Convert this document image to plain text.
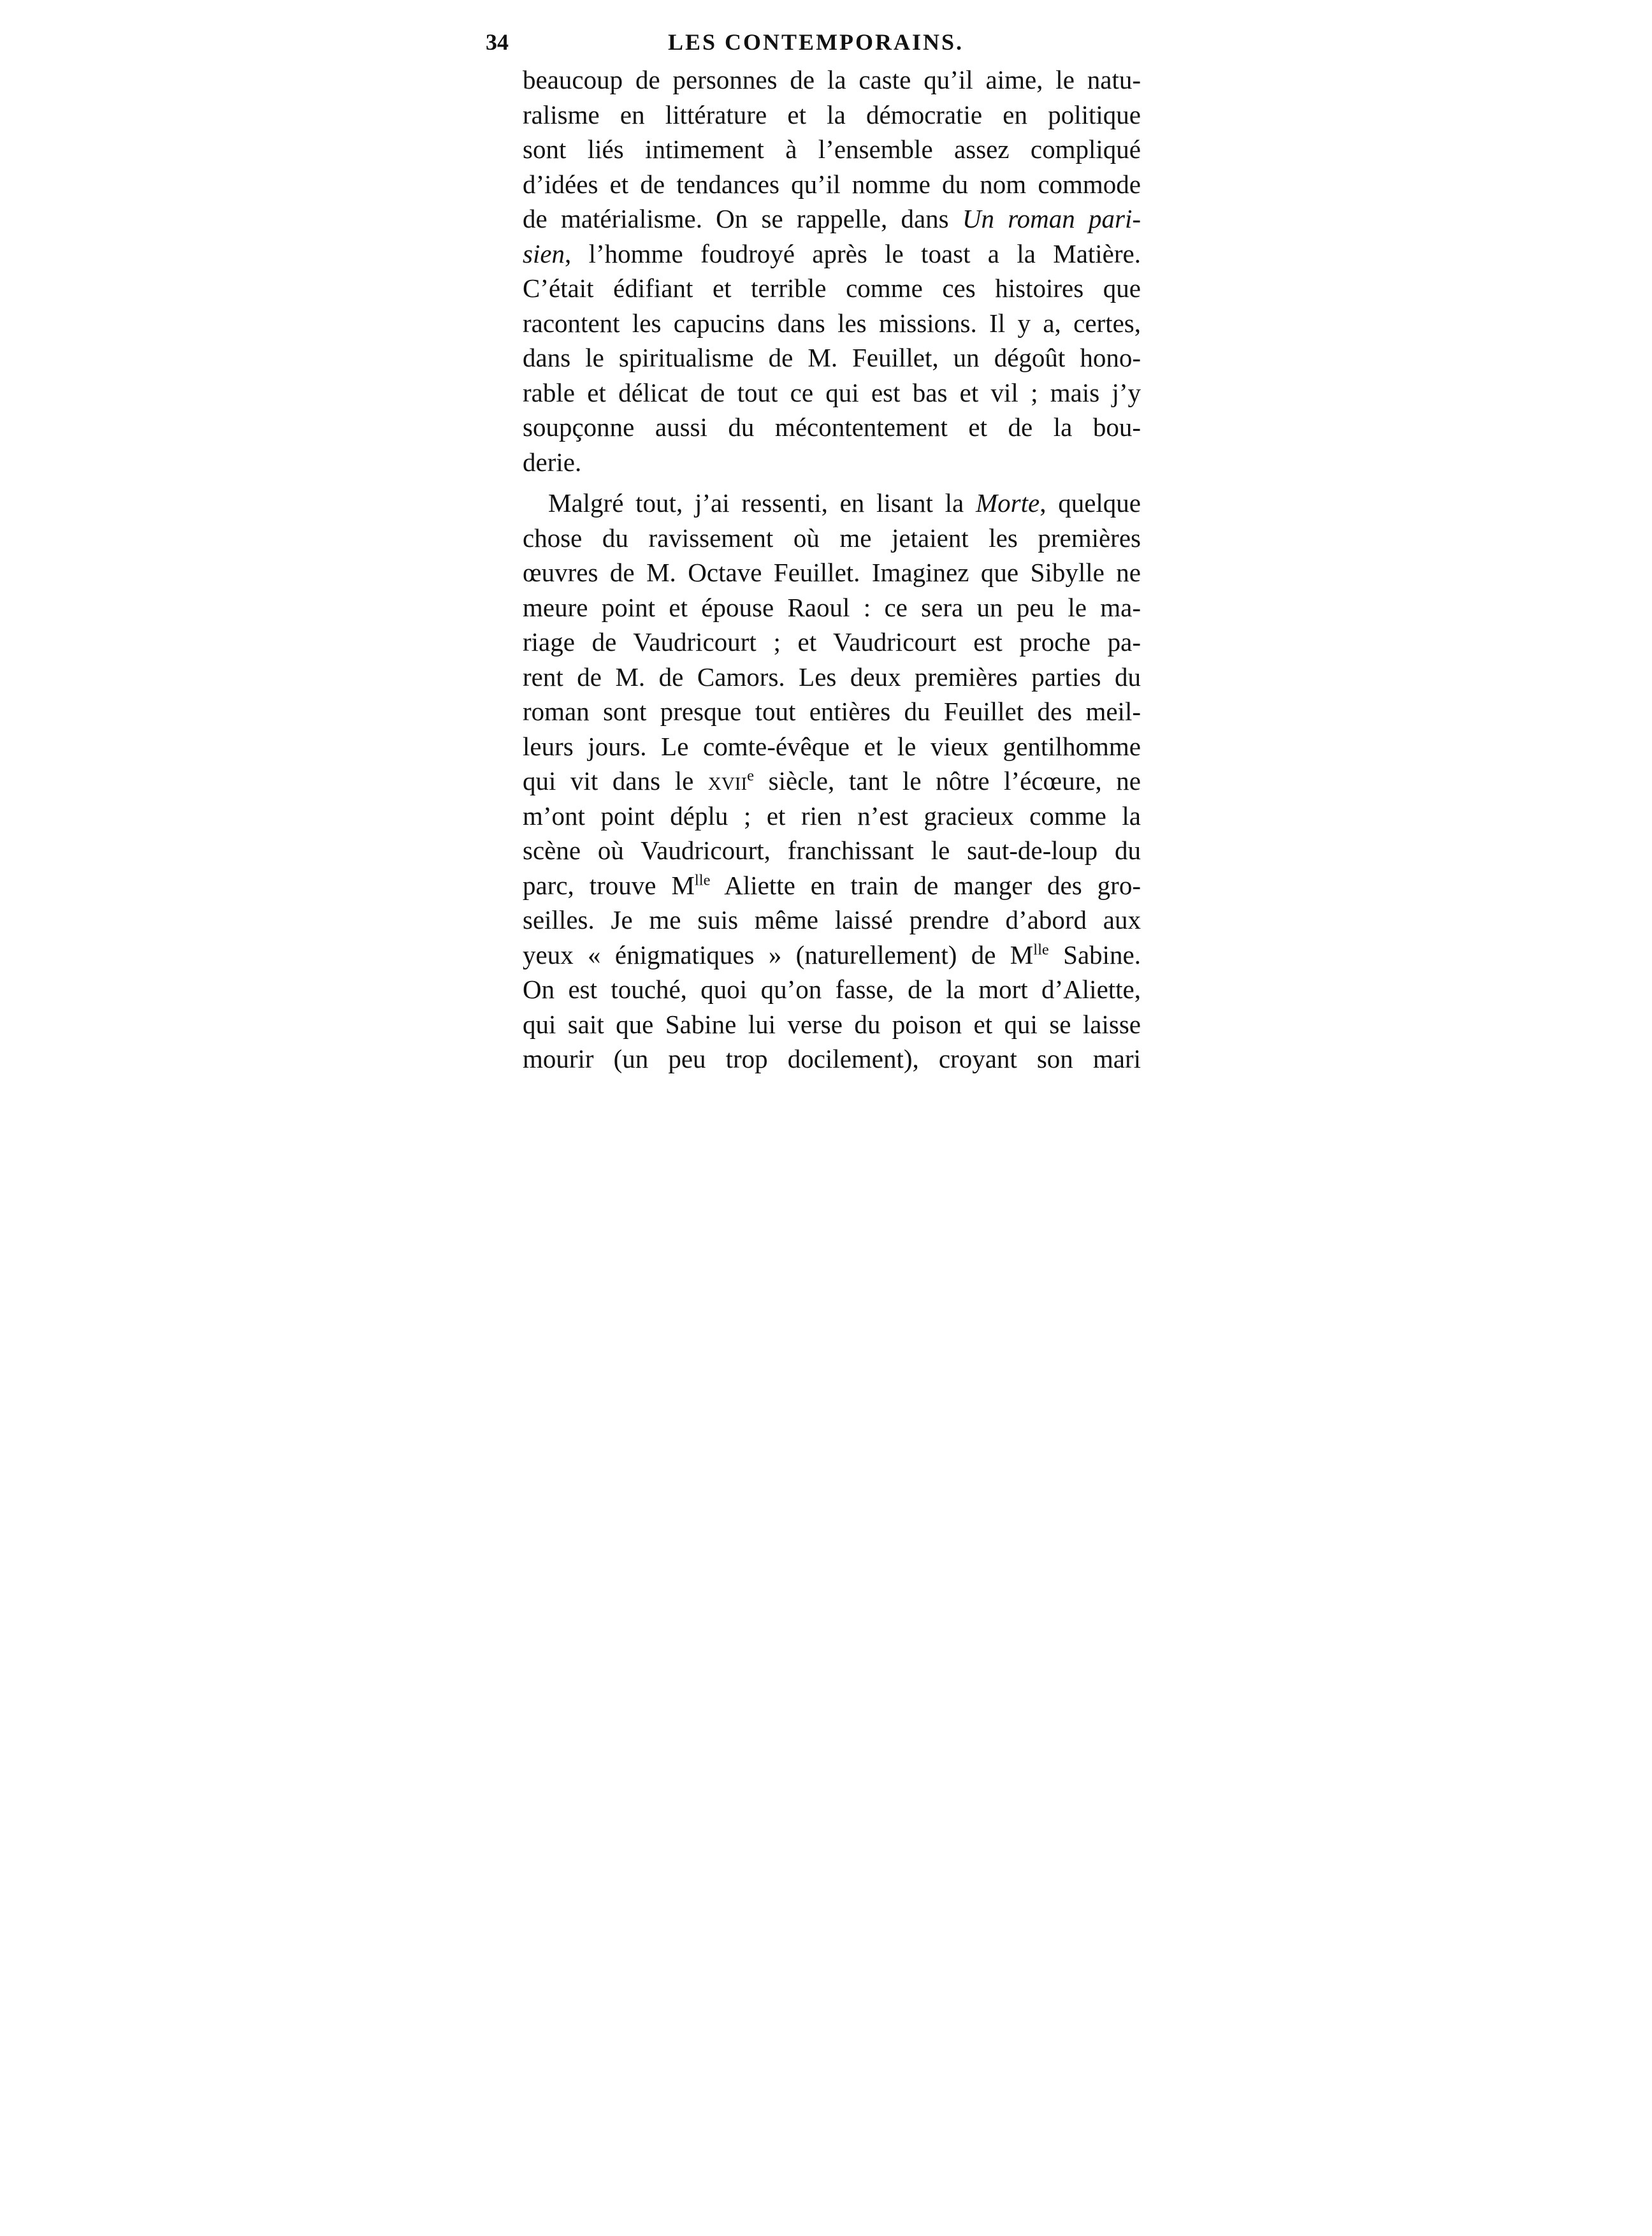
34	LES CONTEMPORAINS.
beaucoup de personnes de la caste qu’il aime, le natu-
ralisme en littérature et la démocratie en politique
sont liés intimement à l’ensemble assez compliqué
d’idées et de tendances qu’il nomme du nom commode
de matérialisme. On se rappelle, dans Un roman pari-
sien, l’homme foudroyé après le toast a la Matière.
C’était édifiant et terrible comme ces histoires que
racontent les capucins dans les missions. Il y a, certes,
dans le spiritualisme de M. Feuillet, un dégoût hono-
rable et délicat de tout ce qui est bas et vil ; mais j’y
soupçonne aussi du mécontentement et de la bou-
derie.
Malgré tout, j’ai ressenti, en lisant la Morte, quelque
chose du ravissement où me jetaient les premières
œuvres de M. Octave Feuillet. Imaginez que Sibylle ne
meure point et épouse Raoul : ce sera un peu le ma-
riage de Vaudricourt ; et Vaudricourt est proche pa-
rent de M. de Camors. Les deux premières parties du
roman sont presque tout entières du Feuillet des meil-
leurs jours. Le comte-évêque et le vieux gentilhomme
qui vit dans le xvii$^e$ siècle, tant le nôtre l’écœure, ne
m’ont point déplu ; et rien n’est gracieux comme la
scène où Vaudricourt, franchissant le saut-de-loup du
parc, trouve $M^{lle}$ Aliette en train de manger des gro-
seilles. Je me suis même laissé prendre d’abord aux
yeux « énigmatiques » (naturellement) de $M^{lle}$ Sabine.
On est touché, quoi qu’on fasse, de la mort d’Aliette,
qui sait que Sabine lui verse du poison et qui se laisse
mourir (un peu trop docilement), croyant son mari
